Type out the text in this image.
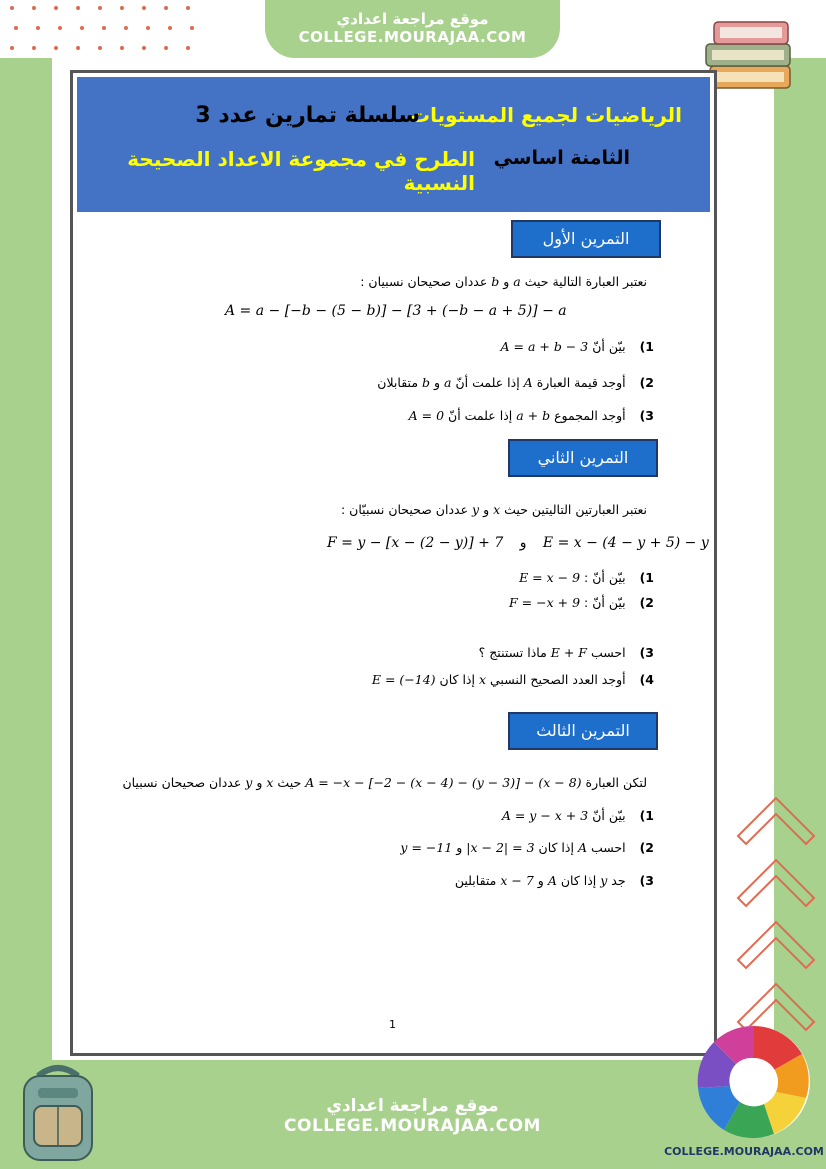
موقع مراجعة اعدادي
COLLEGE.MOURAJAA.COM
الرياضيات لجميع المستويات
سلسلة تمارين عدد 3
الثامنة اساسي
الطرح في مجموعة الاعداد الصحيحة النسبية
التمرين الأول
نعتبر العبارة التالية حيث a و b عددان صحيحان نسبيان :
A = a − [−b − (5 − b)] − [3 + (−b − a + 5)] − a
1) بيّن أنّ A = a + b − 3
2) أوجد قيمة العبارة A إذا علمت أنّ a و b متقابلان
3) أوجد المجموع a + b إذا علمت أنّ A = 0
التمرين الثاني
نعتبر العبارتين التاليتين حيث x و y عددان صحيحان نسبيّان :
F = y − [x − (2 − y)] + 7 و E = x − (4 − y + 5) − y
1) بيّن أنّ : E = x − 9
2) بيّن أنّ : F = −x + 9
3) احسب E + F ماذا تستنتج ؟
4) أوجد العدد الصحيح النسبي x إذا كان E = (−14)
التمرين الثالث
لتكن العبارة A = −x − [−2 − (x − 4) − (y − 3)] − (x − 8) حيث x و y عددان صحيحان نسبيان
1) بيّن أنّ A = y − x + 3
2) احسب A إذا كان |x − 2| = 3 و y = −11
3) جد y إذا كان A و x − 7 متقابلين
1
موقع مراجعة اعدادي
COLLEGE.MOURAJAA.COM
COLLEGE.MOURAJAA.COM
